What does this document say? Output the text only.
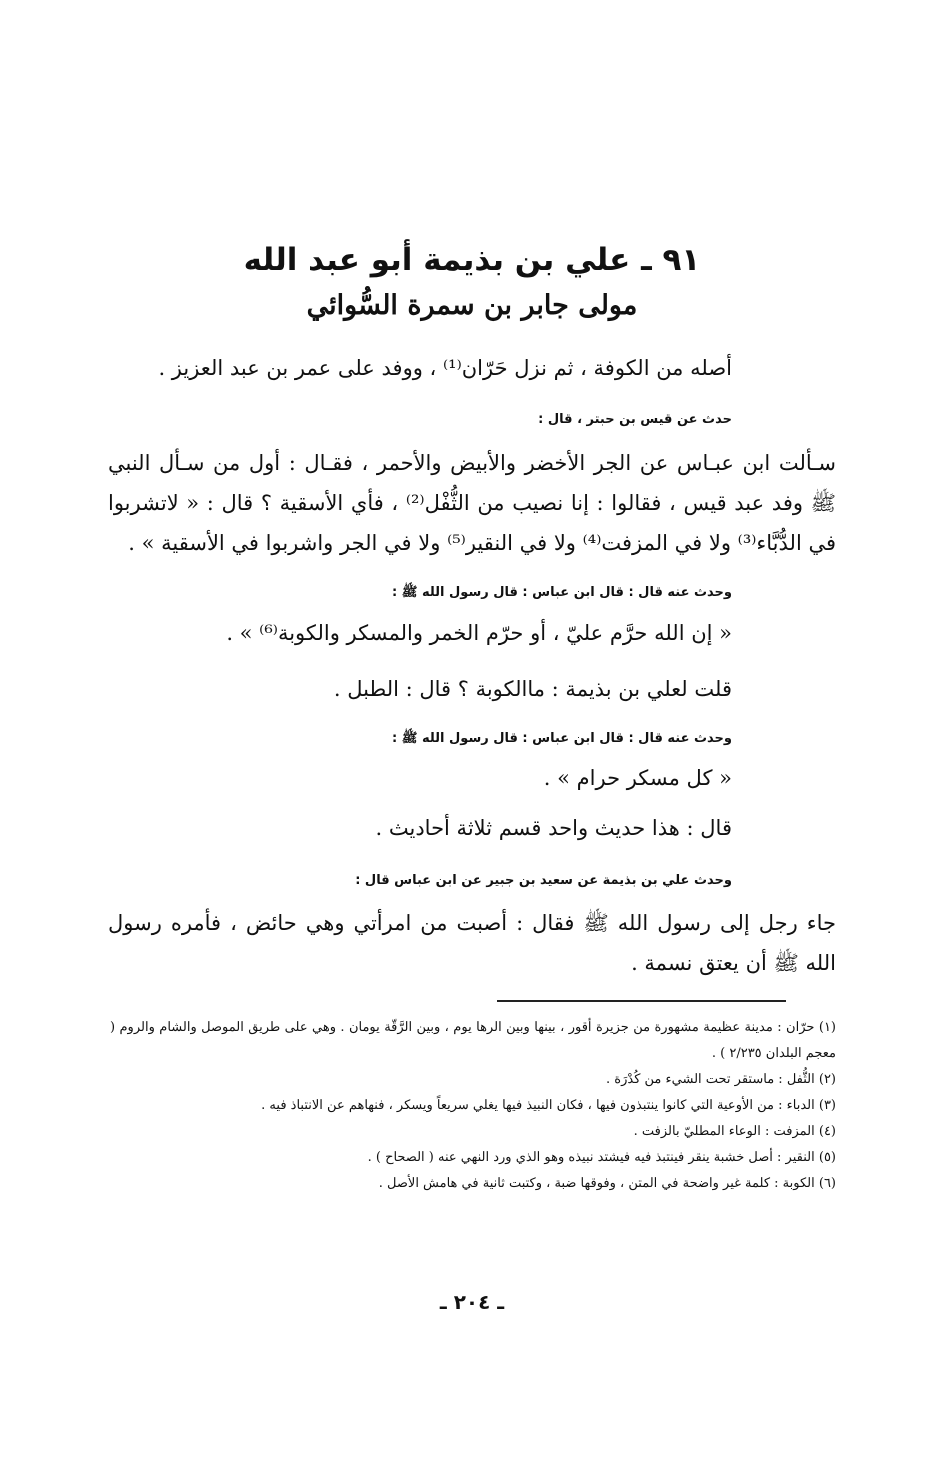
٩١ ـ علي بن بذيمة أبو عبد الله
مولى جابر بن سمرة السُّوائي

أصله من الكوفة ، ثم نزل حَرّان⁽¹⁾ ، ووفد على عمر بن عبد العزيز .

حدث عن قيس بن حبتر ، قال :

سـألت ابن عبـاس عن الجر الأخضر والأبيض والأحمر ، فقـال : أول من سـأل النبي ﷺ وفد عبد قيس ، فقالوا : إنا نصيب من الثُّفْل⁽²⁾ ، فأي الأسقية ؟ قال : « لاتشربوا في الدُّبَّاء⁽³⁾ ولا في المزفت⁽⁴⁾ ولا في النقير⁽⁵⁾ ولا في الجر واشربوا في الأسقية » .

وحدث عنه قال : قال ابن عباس : قال رسول الله ﷺ :

« إن الله حرَّم عليّ ، أو حرّم الخمر والمسكر والكوبة⁽⁶⁾ » .

قلت لعلي بن بذيمة : ماالكوبة ؟ قال : الطبل .

وحدث عنه قال : قال ابن عباس : قال رسول الله ﷺ :

« كل مسكر حرام » .

قال : هذا حديث واحد قسم ثلاثة أحاديث .

وحدث علي بن بذيمة عن سعيد بن جبير عن ابن عباس قال :

جاء رجل إلى رسول الله ﷺ فقال : أصبت من امرأتي وهي حائض ، فأمره رسول الله ﷺ أن يعتق نسمة .

(١) حرّان : مدينة عظيمة مشهورة من جزيرة أقور ، بينها وبين الرها يوم ، وبين الرَّقّة يومان . وهي على طريق الموصل والشام والروم ( معجم البلدان ٢/٢٣٥ ) .

(٢) الثُّفل : ماستقر تحت الشيء من كُدْرَة .

(٣) الدباء : من الأوعية التي كانوا ينتبذون فيها ، فكان النبيذ فيها يغلي سريعاً ويسكر ، فنهاهم عن الانتباذ فيه .

(٤) المزفت : الوعاء المطليّ بالزفت .

(٥) النقير : أصل خشبة ينقر فينتبذ فيه فيشتد نبيذه وهو الذي ورد النهي عنه ( الصحاح ) .

(٦) الكوبة : كلمة غير واضحة في المتن ، وفوقها ضبة ، وكتبت ثانية في هامش الأصل .

ـ ٢٠٤ ـ
